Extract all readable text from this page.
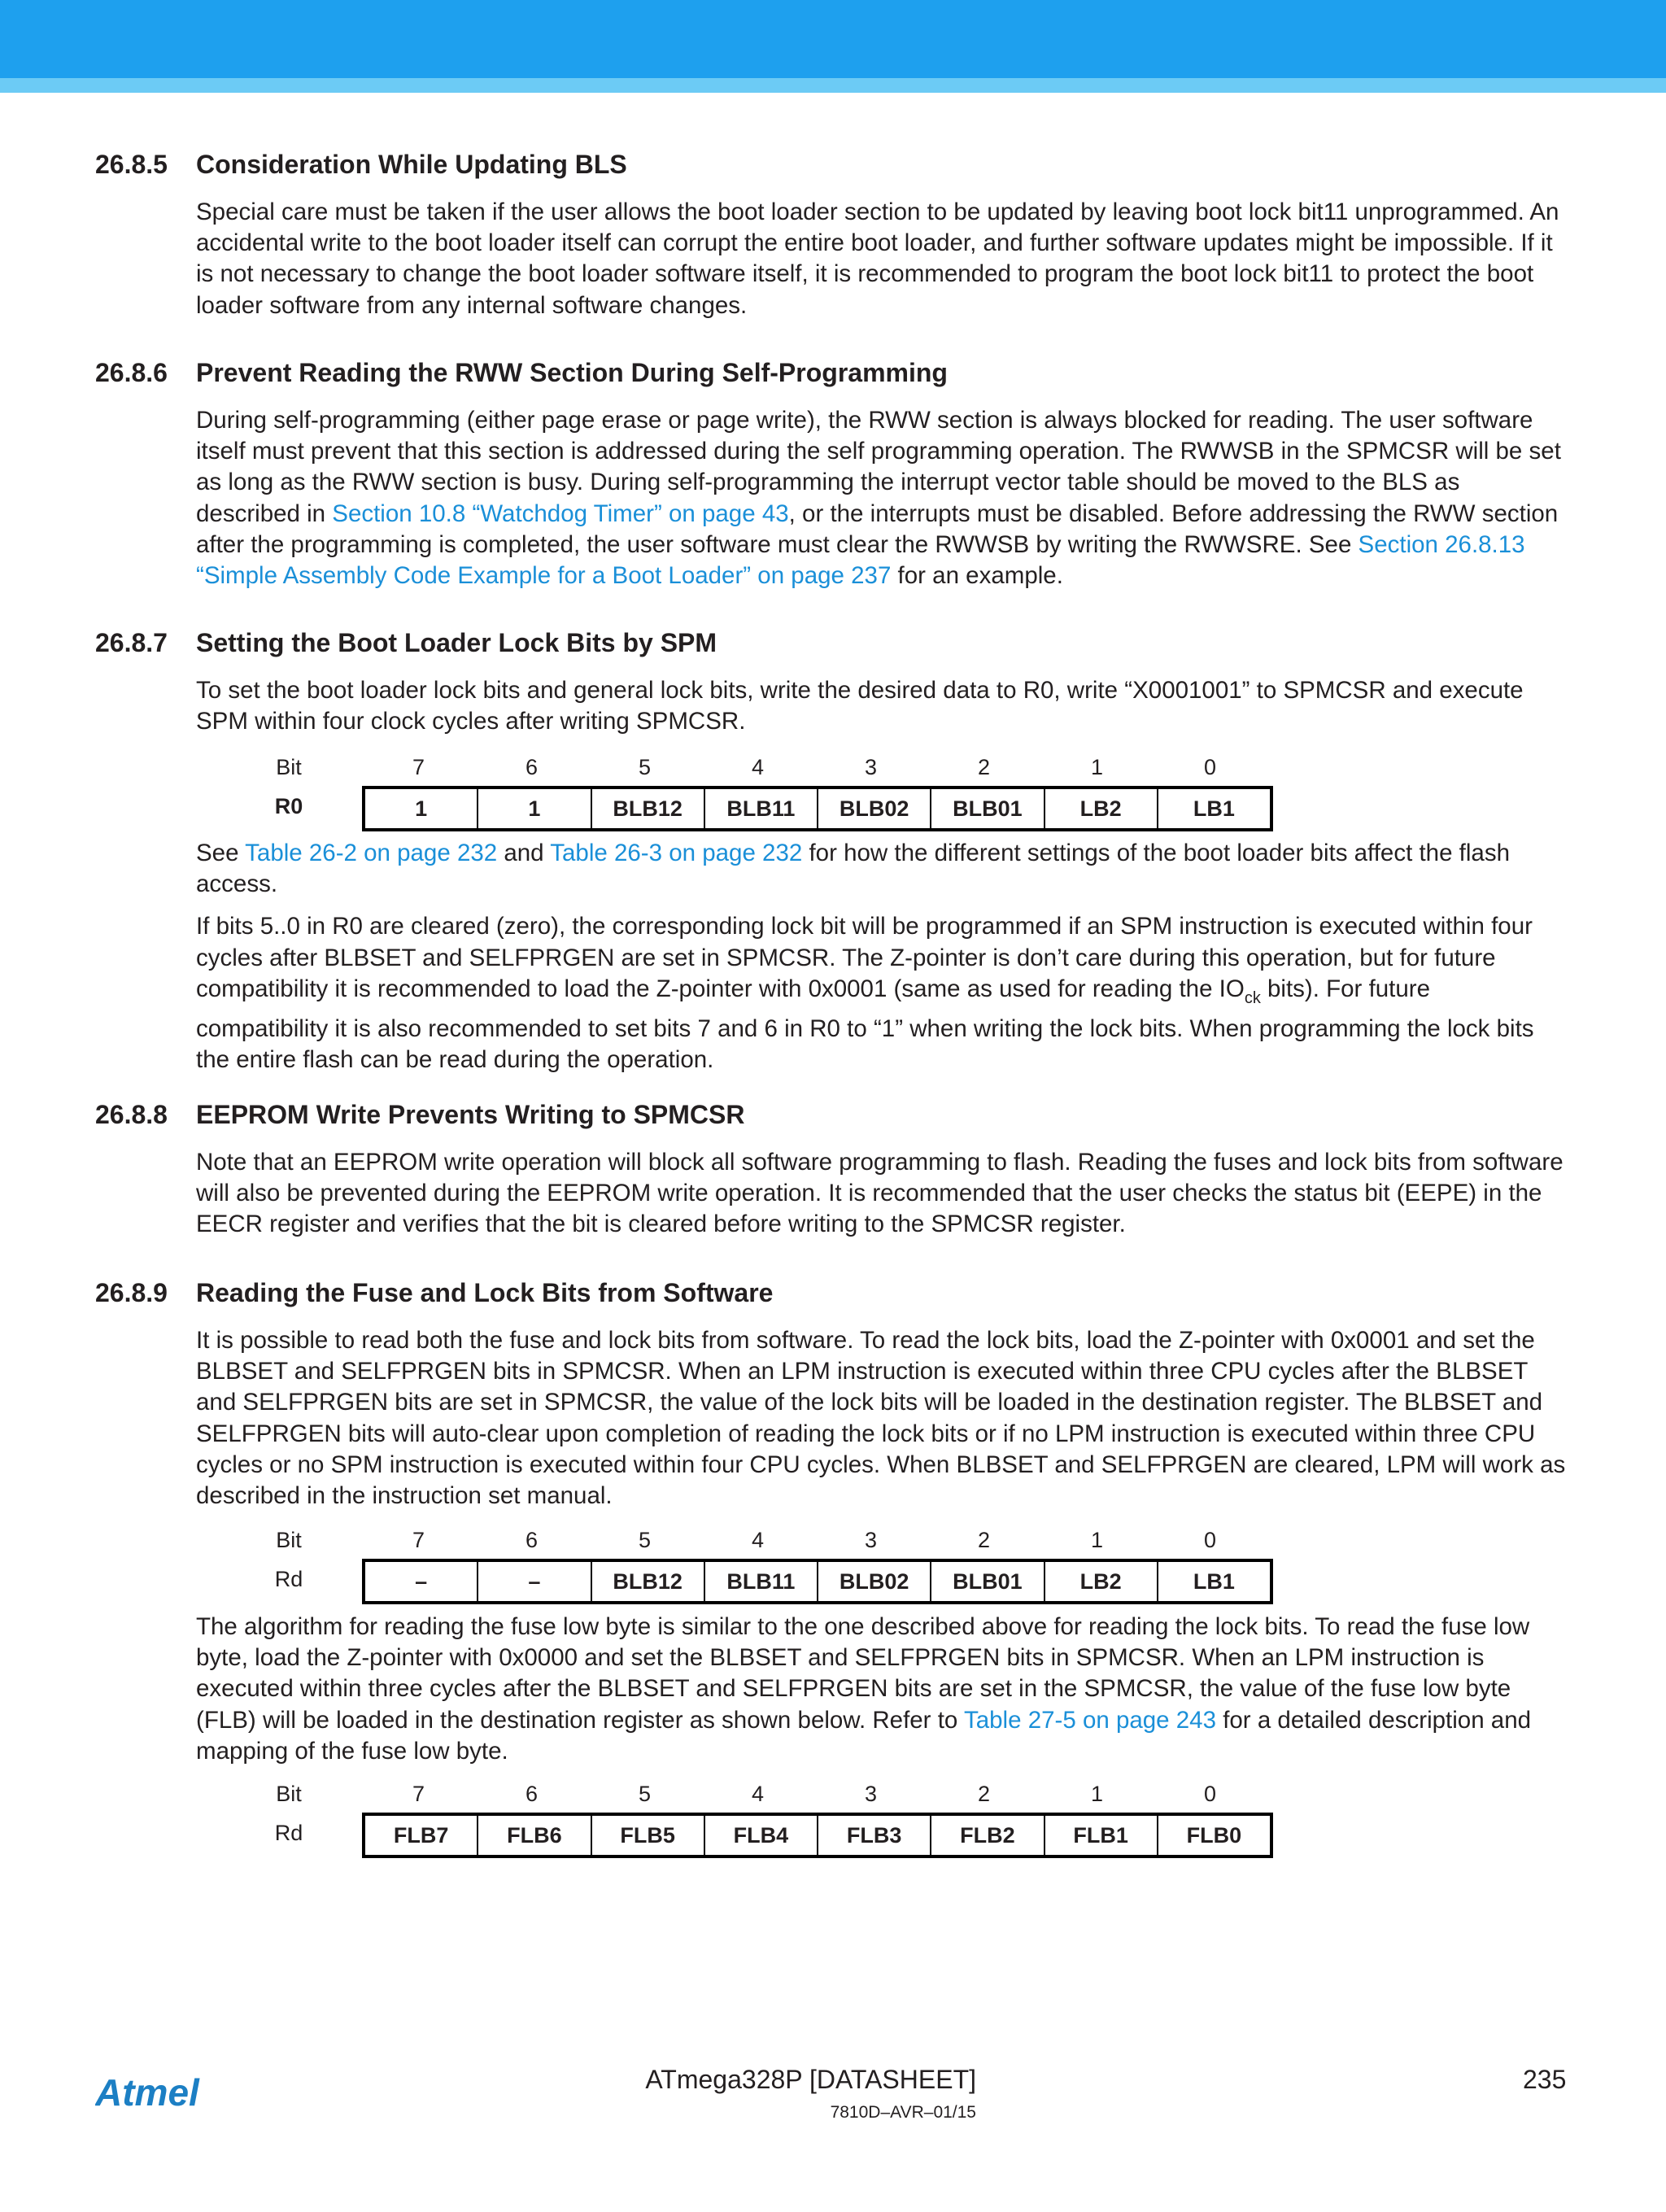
26.8.5	Consideration While Updating BLS

Special care must be taken if the user allows the boot loader section to be updated by leaving boot lock bit11 unprogrammed. An accidental write to the boot loader itself can corrupt the entire boot loader, and further software updates might be impossible. If it is not necessary to change the boot loader software itself, it is recommended to program the boot lock bit11 to protect the boot loader software from any internal software changes.

26.8.6	Prevent Reading the RWW Section During Self-Programming

During self-programming (either page erase or page write), the RWW section is always blocked for reading. The user software itself must prevent that this section is addressed during the self programming operation. The RWWSB in the SPMCSR will be set as long as the RWW section is busy. During self-programming the interrupt vector table should be moved to the BLS as described in Section 10.8 “Watchdog Timer” on page 43, or the interrupts must be disabled. Before addressing the RWW section after the programming is completed, the user software must clear the RWWSB by writing the RWWSRE. See Section 26.8.13 “Simple Assembly Code Example for a Boot Loader” on page 237 for an example.

26.8.7	Setting the Boot Loader Lock Bits by SPM

To set the boot loader lock bits and general lock bits, write the desired data to R0, write “X0001001” to SPMCSR and execute SPM within four clock cycles after writing SPMCSR.

Bit	7	6	5	4	3	2	1	0
R0	1	1	BLB12	BLB11	BLB02	BLB01	LB2	LB1

See Table 26-2 on page 232 and Table 26-3 on page 232 for how the different settings of the boot loader bits affect the flash access.

If bits 5..0 in R0 are cleared (zero), the corresponding lock bit will be programmed if an SPM instruction is executed within four cycles after BLBSET and SELFPRGEN are set in SPMCSR. The Z-pointer is don’t care during this operation, but for future compatibility it is recommended to load the Z-pointer with 0x0001 (same as used for reading the $IO_{ck}$ bits). For future compatibility it is also recommended to set bits 7 and 6 in R0 to “1” when writing the lock bits. When programming the lock bits the entire flash can be read during the operation.

26.8.8	EEPROM Write Prevents Writing to SPMCSR

Note that an EEPROM write operation will block all software programming to flash. Reading the fuses and lock bits from software will also be prevented during the EEPROM write operation. It is recommended that the user checks the status bit (EEPE) in the EECR register and verifies that the bit is cleared before writing to the SPMCSR register.

26.8.9	Reading the Fuse and Lock Bits from Software

It is possible to read both the fuse and lock bits from software. To read the lock bits, load the Z-pointer with 0x0001 and set the BLBSET and SELFPRGEN bits in SPMCSR. When an LPM instruction is executed within three CPU cycles after the BLBSET and SELFPRGEN bits are set in SPMCSR, the value of the lock bits will be loaded in the destination register. The BLBSET and SELFPRGEN bits will auto-clear upon completion of reading the lock bits or if no LPM instruction is executed within three CPU cycles or no SPM instruction is executed within four CPU cycles. When BLBSET and SELFPRGEN are cleared, LPM will work as described in the instruction set manual.

Bit	7	6	5	4	3	2	1	0
Rd	–	–	BLB12	BLB11	BLB02	BLB01	LB2	LB1

The algorithm for reading the fuse low byte is similar to the one described above for reading the lock bits. To read the fuse low byte, load the Z-pointer with 0x0000 and set the BLBSET and SELFPRGEN bits in SPMCSR. When an LPM instruction is executed within three cycles after the BLBSET and SELFPRGEN bits are set in the SPMCSR, the value of the fuse low byte (FLB) will be loaded in the destination register as shown below. Refer to Table 27-5 on page 243 for a detailed description and mapping of the fuse low byte.

Bit	7	6	5	4	3	2	1	0
Rd	FLB7	FLB6	FLB5	FLB4	FLB3	FLB2	FLB1	FLB0
Atmel	ATmega328P [DATASHEET]	235
7810D–AVR–01/15
